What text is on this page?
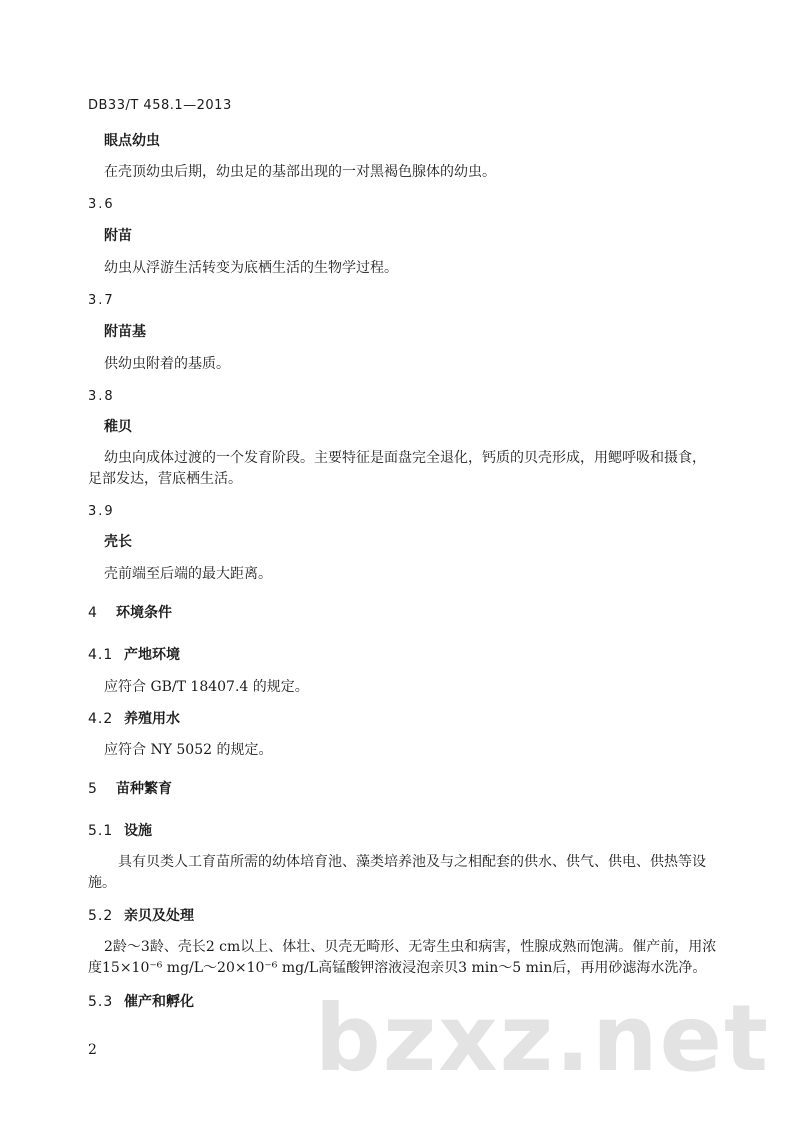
DB33/T 458.1—2013
眼点幼虫
在壳顶幼虫后期，幼虫足的基部出现的一对黑褐色腺体的幼虫。
3.6
附苗
幼虫从浮游生活转变为底栖生活的生物学过程。
3.7
附苗基
供幼虫附着的基质。
3.8
稚贝
幼虫向成体过渡的一个发育阶段。主要特征是面盘完全退化，钙质的贝壳形成，用鳃呼吸和摄食，
足部发达，营底栖生活。
3.9
壳长
壳前端至后端的最大距离。
4 环境条件
4.1 产地环境
应符合 GB/T 18407.4 的规定。
4.2 养殖用水
应符合 NY 5052 的规定。
5 苗种繁育
5.1 设施
具有贝类人工育苗所需的幼体培育池、藻类培养池及与之相配套的供水、供气、供电、供热等设
施。
5.2 亲贝及处理
2龄～3龄、壳长2 cm以上、体壮、贝壳无畸形、无寄生虫和病害，性腺成熟而饱满。催产前，用浓
度15×10⁻⁶ mg/L～20×10⁻⁶ mg/L高锰酸钾溶液浸泡亲贝3 min～5 min后，再用砂滤海水洗净。
5.3 催产和孵化 bzxz.net
2
